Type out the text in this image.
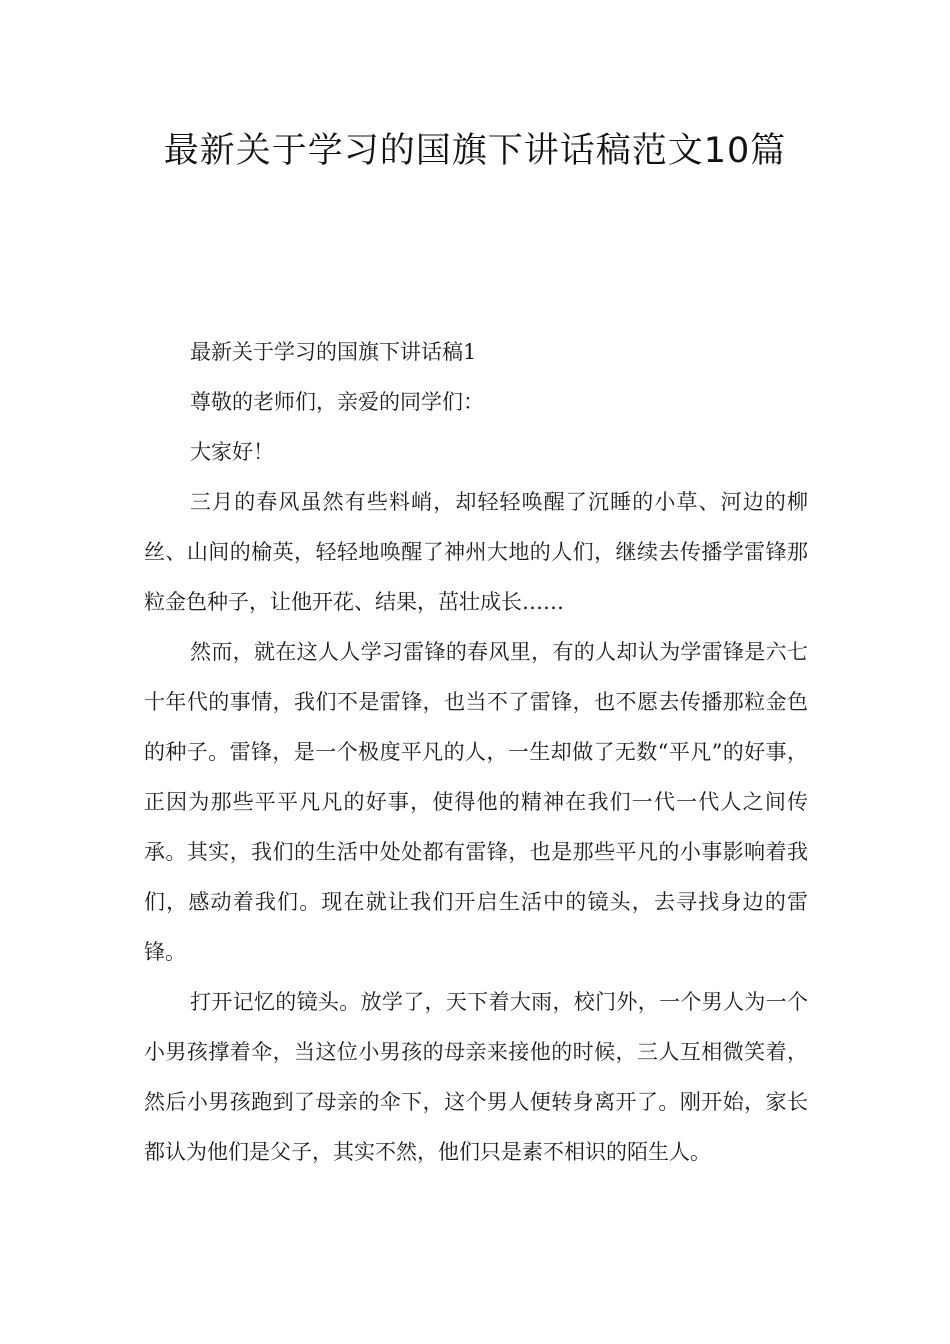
最新关于学习的国旗下讲话稿范文10篇

最新关于学习的国旗下讲话稿1

尊敬的老师们，亲爱的同学们：

大家好！

三月的春风虽然有些料峭，却轻轻唤醒了沉睡的小草、河边的柳丝、山间的榆英，轻轻地唤醒了神州大地的人们，继续去传播学雷锋那粒金色种子，让他开花、结果，茁壮成长……

然而，就在这人人学习雷锋的春风里，有的人却认为学雷锋是六七十年代的事情，我们不是雷锋，也当不了雷锋，也不愿去传播那粒金色的种子。雷锋，是一个极度平凡的人，一生却做了无数“平凡”的好事，正因为那些平平凡凡的好事，使得他的精神在我们一代一代人之间传承。其实，我们的生活中处处都有雷锋，也是那些平凡的小事影响着我们，感动着我们。现在就让我们开启生活中的镜头，去寻找身边的雷锋。

打开记忆的镜头。放学了，天下着大雨，校门外，一个男人为一个小男孩撑着伞，当这位小男孩的母亲来接他的时候，三人互相微笑着，然后小男孩跑到了母亲的伞下，这个男人便转身离开了。刚开始，家长都认为他们是父子，其实不然，他们只是素不相识的陌生人。
